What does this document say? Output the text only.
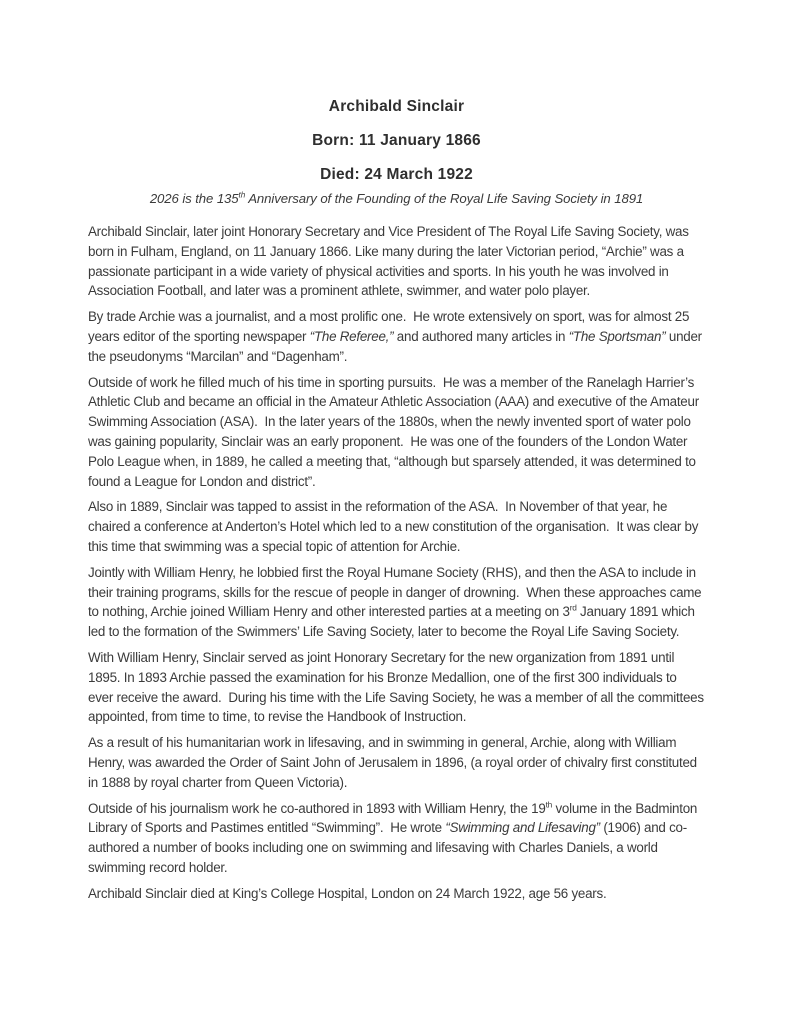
Archibald Sinclair

Born: 11 January 1866

Died: 24 March 1922

2026 is the 135th Anniversary of the Founding of the Royal Life Saving Society in 1891

Archibald Sinclair, later joint Honorary Secretary and Vice President of The Royal Life Saving Society, was born in Fulham, England, on 11 January 1866. Like many during the later Victorian period, “Archie” was a passionate participant in a wide variety of physical activities and sports. In his youth he was involved in Association Football, and later was a prominent athlete, swimmer, and water polo player.

By trade Archie was a journalist, and a most prolific one.  He wrote extensively on sport, was for almost 25 years editor of the sporting newspaper “The Referee,” and authored many articles in “The Sportsman” under the pseudonyms “Marcilan” and “Dagenham”.

Outside of work he filled much of his time in sporting pursuits.  He was a member of the Ranelagh Harrier’s Athletic Club and became an official in the Amateur Athletic Association (AAA) and executive of the Amateur Swimming Association (ASA).  In the later years of the 1880s, when the newly invented sport of water polo was gaining popularity, Sinclair was an early proponent.  He was one of the founders of the London Water Polo League when, in 1889, he called a meeting that, “although but sparsely attended, it was determined to found a League for London and district”.

Also in 1889, Sinclair was tapped to assist in the reformation of the ASA.  In November of that year, he chaired a conference at Anderton’s Hotel which led to a new constitution of the organisation.  It was clear by this time that swimming was a special topic of attention for Archie.

Jointly with William Henry, he lobbied first the Royal Humane Society (RHS), and then the ASA to include in their training programs, skills for the rescue of people in danger of drowning.  When these approaches came to nothing, Archie joined William Henry and other interested parties at a meeting on 3rd January 1891 which led to the formation of the Swimmers’ Life Saving Society, later to become the Royal Life Saving Society.

With William Henry, Sinclair served as joint Honorary Secretary for the new organization from 1891 until 1895. In 1893 Archie passed the examination for his Bronze Medallion, one of the first 300 individuals to ever receive the award.  During his time with the Life Saving Society, he was a member of all the committees appointed, from time to time, to revise the Handbook of Instruction.

As a result of his humanitarian work in lifesaving, and in swimming in general, Archie, along with William Henry, was awarded the Order of Saint John of Jerusalem in 1896, (a royal order of chivalry first constituted in 1888 by royal charter from Queen Victoria).

Outside of his journalism work he co-authored in 1893 with William Henry, the 19th volume in the Badminton Library of Sports and Pastimes entitled “Swimming”.  He wrote “Swimming and Lifesaving” (1906) and co-authored a number of books including one on swimming and lifesaving with Charles Daniels, a world swimming record holder.

Archibald Sinclair died at King’s College Hospital, London on 24 March 1922, age 56 years.
